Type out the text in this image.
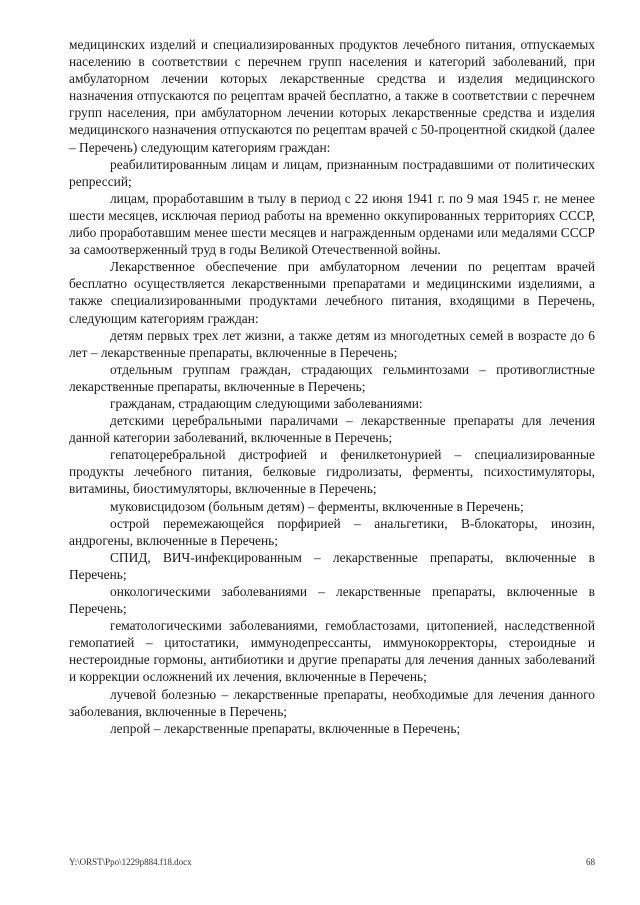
медицинских изделий и специализированных продуктов лечебного питания, отпускаемых населению в соответствии с перечнем групп населения и категорий заболеваний, при амбулаторном лечении которых лекарственные средства и изделия медицинского назначения отпускаются по рецептам врачей бесплатно, а также в соответствии с перечнем групп населения, при амбулаторном лечении которых лекарственные средства и изделия медицинского назначения отпускаются по рецептам врачей с 50-процентной скидкой (далее – Перечень) следующим категориям граждан:

реабилитированным лицам и лицам, признанным пострадавшими от политических репрессий;

лицам, проработавшим в тылу в период с 22 июня 1941 г. по 9 мая 1945 г. не менее шести месяцев, исключая период работы на временно оккупированных территориях СССР, либо проработавшим менее шести месяцев и награжденным орденами или медалями СССР за самоотверженный труд в годы Великой Отечественной войны.

Лекарственное обеспечение при амбулаторном лечении по рецептам врачей бесплатно осуществляется лекарственными препаратами и медицинскими изделиями, а также специализированными продуктами лечебного питания, входящими в Перечень, следующим категориям граждан:

детям первых трех лет жизни, а также детям из многодетных семей в возрасте до 6 лет – лекарственные препараты, включенные в Перечень;

отдельным группам граждан, страдающих гельминтозами – противоглистные лекарственные препараты, включенные в Перечень;

гражданам, страдающим следующими заболеваниями:

детскими церебральными параличами – лекарственные препараты для лечения данной категории заболеваний, включенные в Перечень;

гепатоцеребральной дистрофией и фенилкетонурией – специализированные продукты лечебного питания, белковые гидролизаты, ферменты, психостимуляторы, витамины, биостимуляторы, включенные в Перечень;

муковисцидозом (больным детям) – ферменты, включенные в Перечень;

острой перемежающейся порфирией – анальгетики, В-блокаторы, инозин, андрогены, включенные в Перечень;

СПИД, ВИЧ-инфекцированным – лекарственные препараты, включенные в Перечень;

онкологическими заболеваниями – лекарственные препараты, включенные в Перечень;

гематологическими заболеваниями, гемобластозами, цитопенией, наследственной гемопатией – цитостатики, иммунодепрессанты, иммунокорректоры, стероидные и нестероидные гормоны, антибиотики и другие препараты для лечения данных заболеваний и коррекции осложнений их лечения, включенные в Перечень;

лучевой болезнью – лекарственные препараты, необходимые для лечения данного заболевания, включенные в Перечень;

лепрой – лекарственные препараты, включенные в Перечень;

Y:\ORST\Ppo\1229p884.f18.docx	68
